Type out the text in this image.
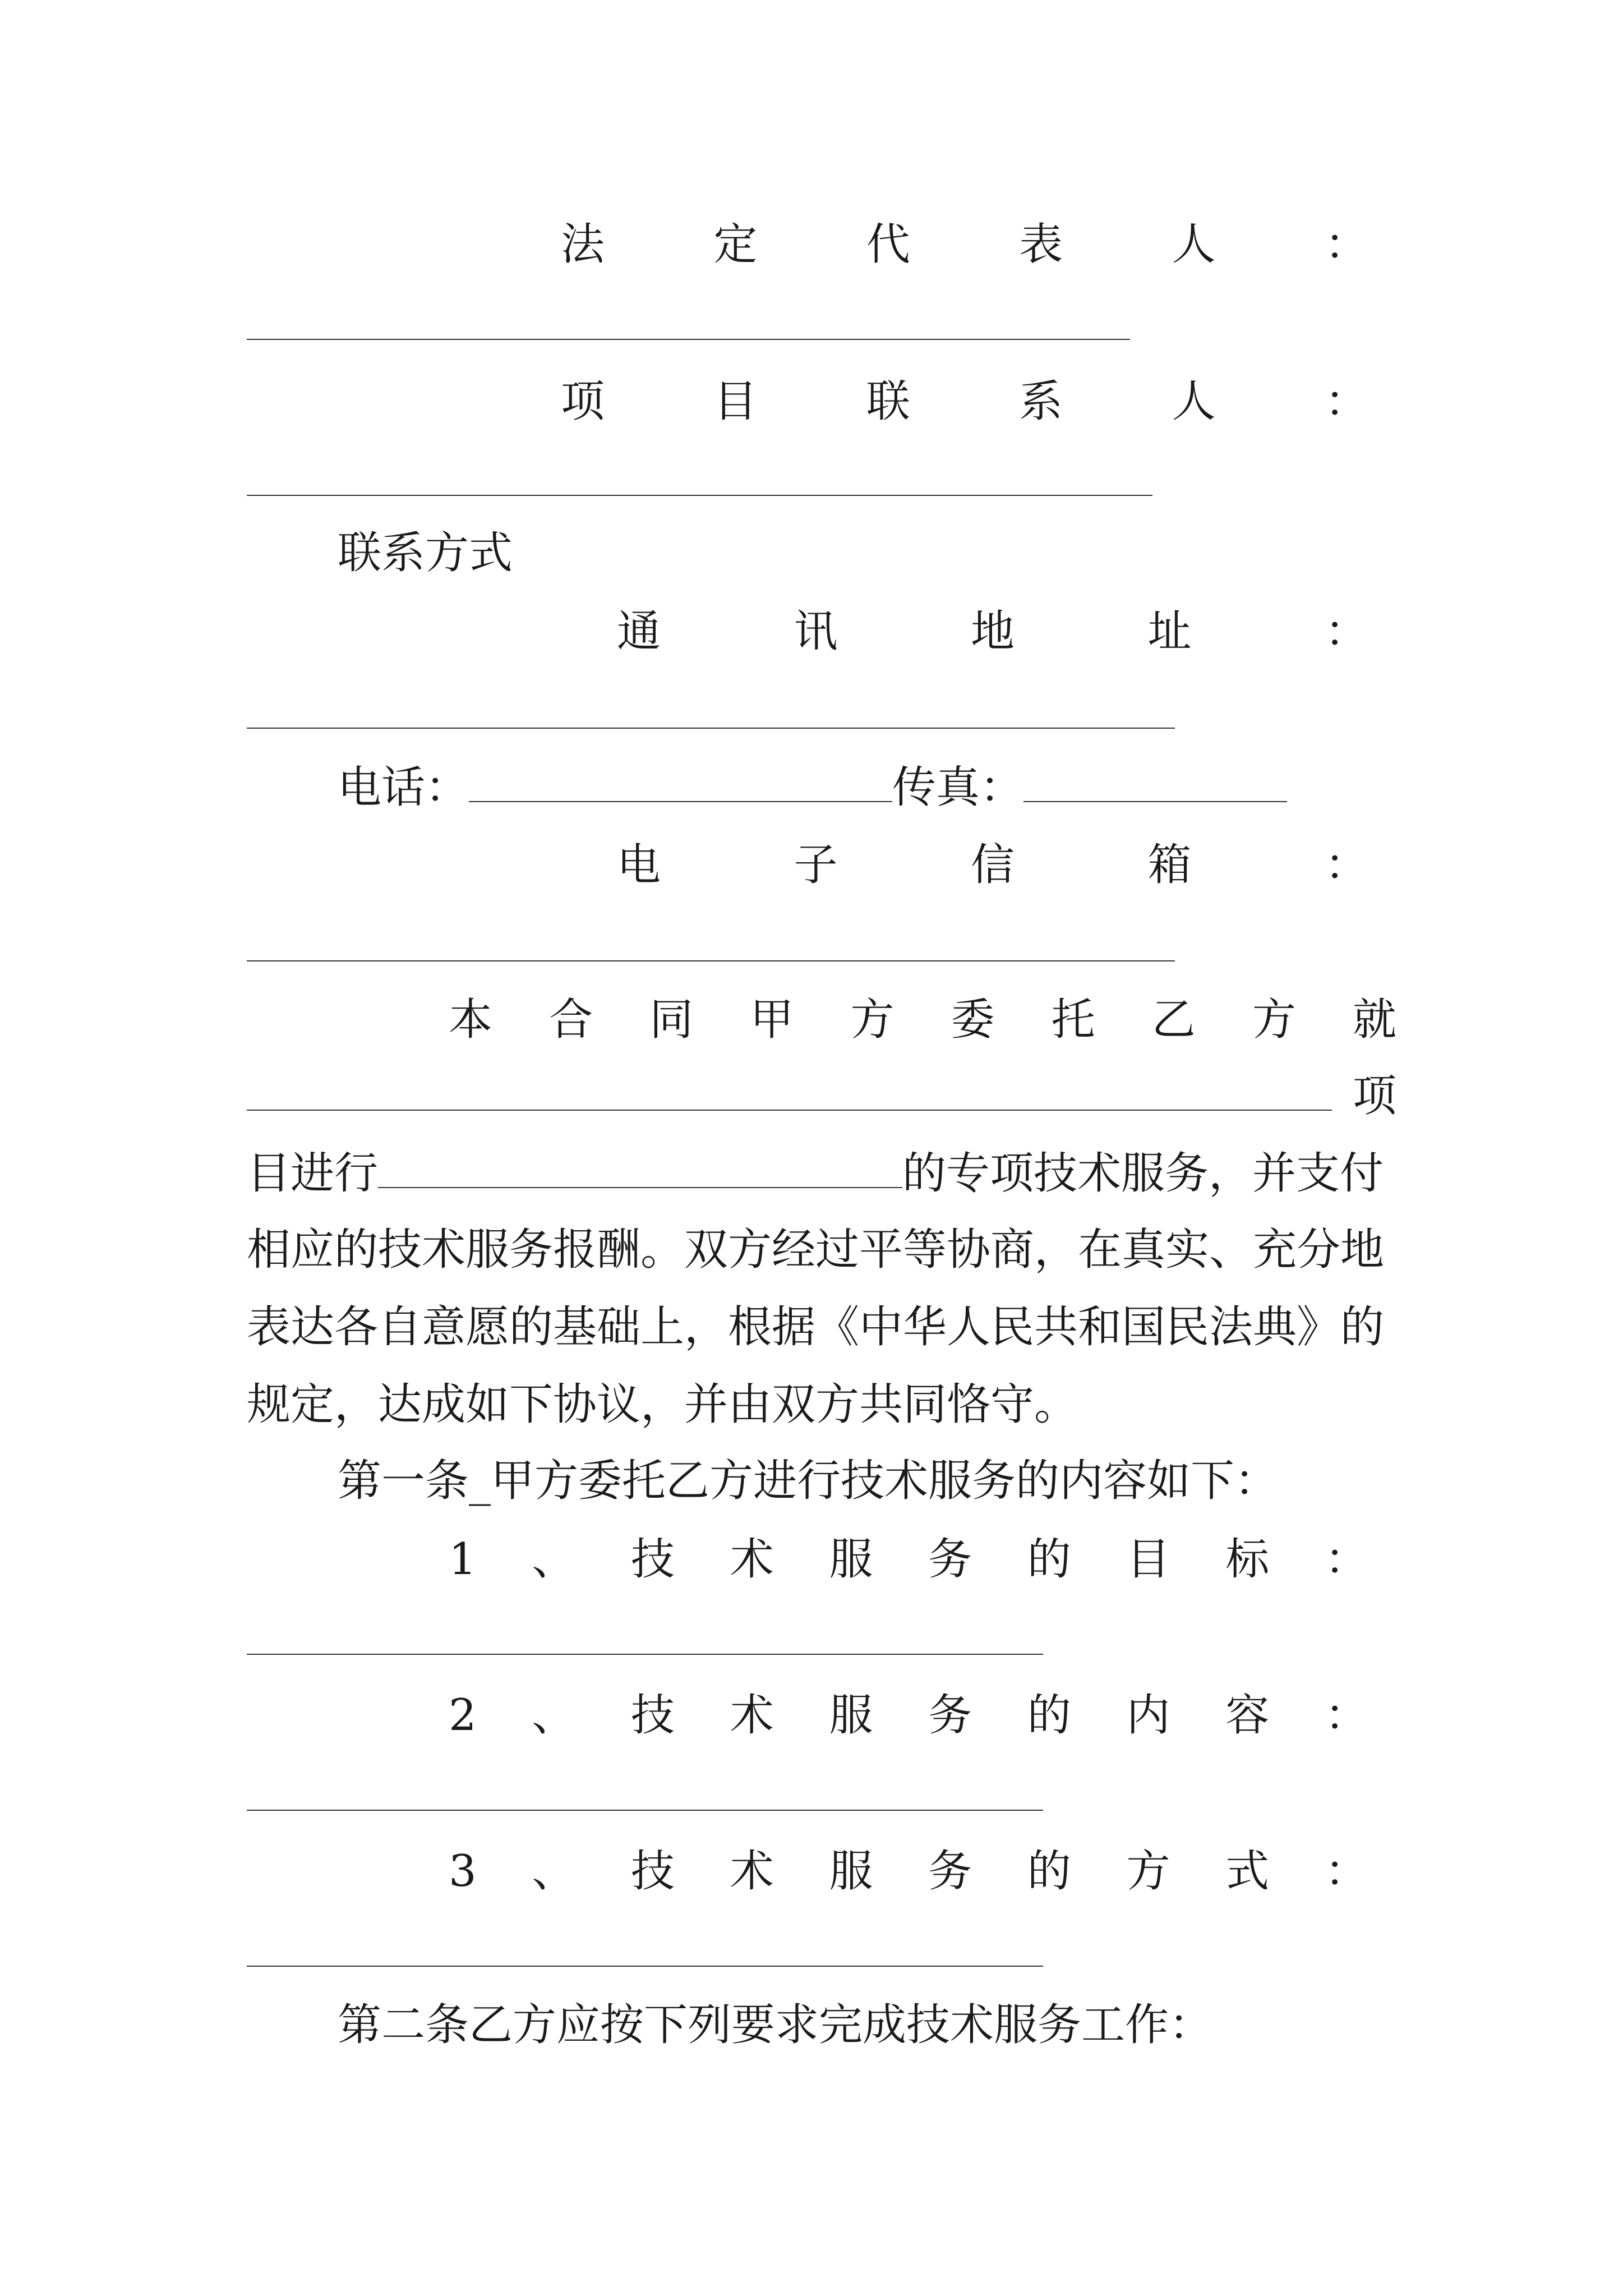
法 定 代 表 人 ：
项 目 联 系 人 ：
联系方式
通	讯	地	址	：
电话：	传真：
电	子	信	箱	：
本 合 同 甲 方 委 托 乙 方 就
项
目进行	的专项技术服务，并支付
相应的技术服务报酬。双方经过平等协商，在真实、充分地
表达各自意愿的基础上，根据《中华人民共和国民法典》的
规定，达成如下协议，并由双方共同恪守。
第一条_甲方委托乙方进行技术服务的内容如下：
1 、 技 术 服 务 的 目 标 ：
2 、 技 术 服 务 的 内 容 ：
3 、 技 术 服 务 的 方 式 ：
第二条乙方应按下列要求完成技术服务工作：
